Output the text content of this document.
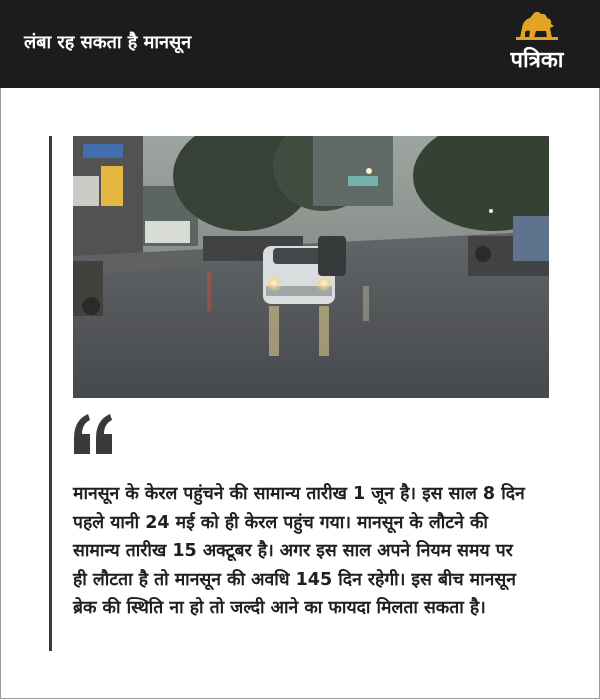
लंबा रह सकता है मानसून
पत्रिका
मानसून के केरल पहुंचने की सामान्य तारीख 1 जून है। इस साल 8 दिन
पहले यानी 24 मई को ही केरल पहुंच गया। मानसून के लौटने की
सामान्य तारीख 15 अक्टूबर है। अगर इस साल अपने नियम समय पर
ही लौटता है तो मानसून की अवधि 145 दिन रहेगी। इस बीच मानसून
ब्रेक की स्थिति ना हो तो जल्दी आने का फायदा मिलता सकता है।
